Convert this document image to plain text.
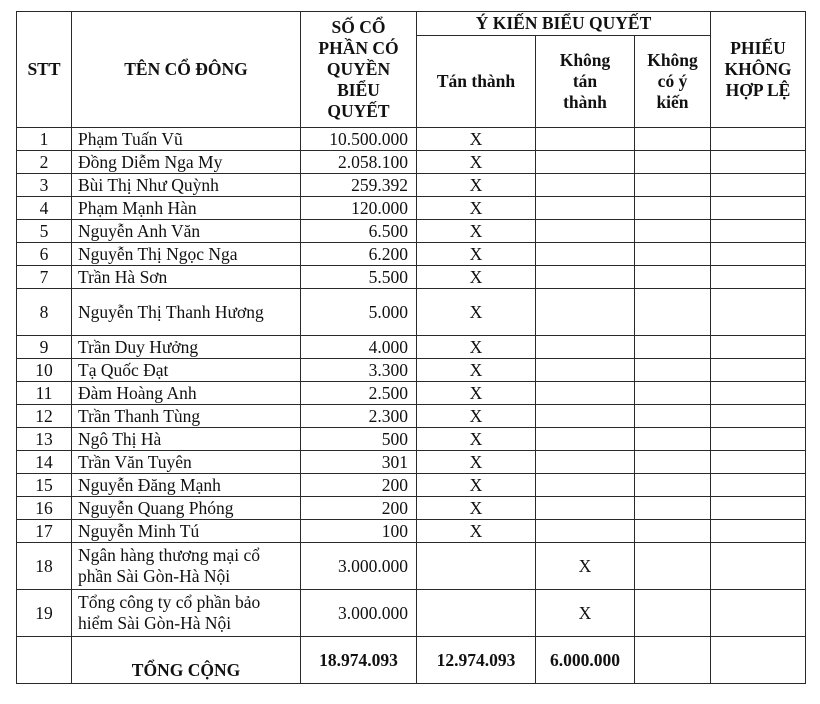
STT	TÊN CỔ ĐÔNG	SỐ CỔ PHẦN CÓ QUYỀN BIỂU QUYẾT	Ý KIẾN BIỂU QUYẾT			PHIẾU KHÔNG HỢP LỆ
			Tán thành	Không tán thành	Không có ý kiến	
1	Phạm Tuấn Vũ	10.500.000	X			
2	Đồng Diễm Nga My	2.058.100	X			
3	Bùi Thị Như Quỳnh	259.392	X			
4	Phạm Mạnh Hàn	120.000	X			
5	Nguyễn Anh Văn	6.500	X			
6	Nguyễn Thị Ngọc Nga	6.200	X			
7	Trần Hà Sơn	5.500	X			
8	Nguyễn Thị Thanh Hương	5.000	X			
9	Trần Duy Hưởng	4.000	X			
10	Tạ Quốc Đạt	3.300	X			
11	Đàm Hoàng Anh	2.500	X			
12	Trần Thanh Tùng	2.300	X			
13	Ngô Thị Hà	500	X			
14	Trần Văn Tuyên	301	X			
15	Nguyễn Đăng Mạnh	200	X			
16	Nguyễn Quang Phóng	200	X			
17	Nguyễn Minh Tú	100	X			
18	Ngân hàng thương mại cổ phần Sài Gòn-Hà Nội	3.000.000		X		
19	Tổng công ty cổ phần bảo hiểm Sài Gòn-Hà Nội	3.000.000		X		
	TỔNG CỘNG	18.974.093	12.974.093	6.000.000		
